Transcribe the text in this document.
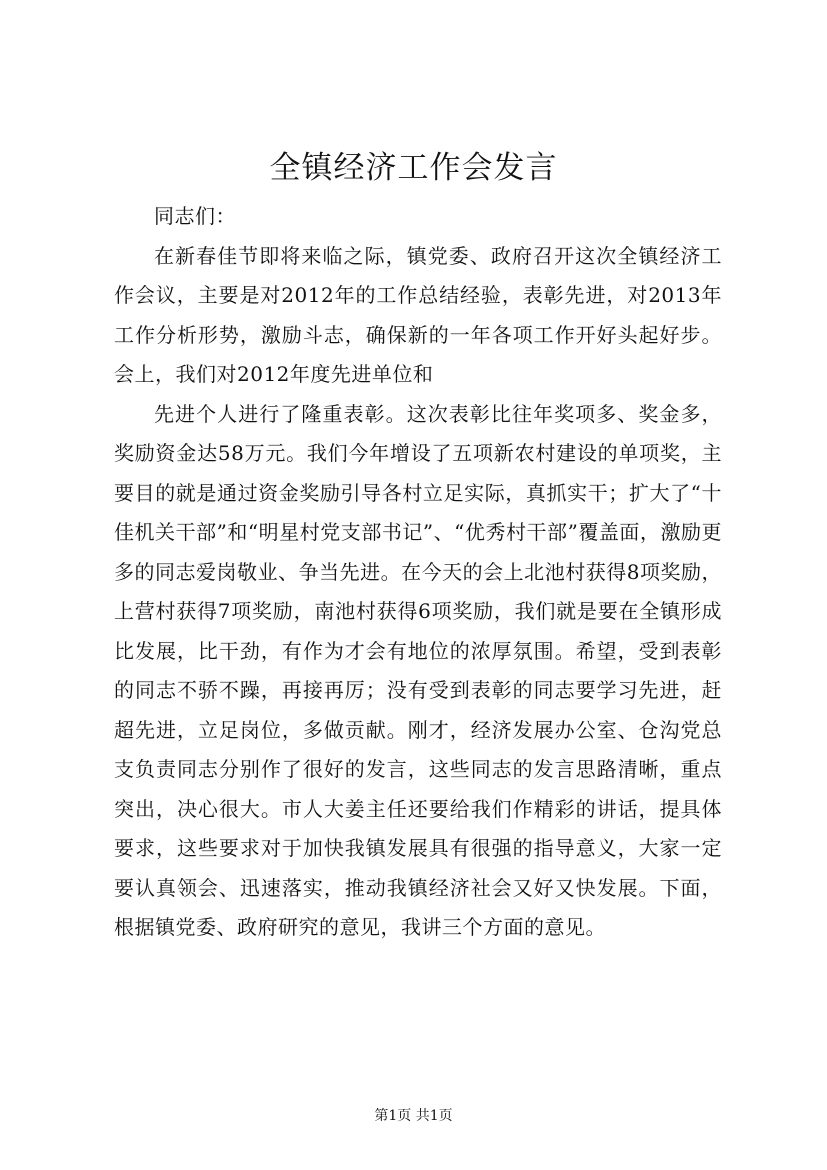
全镇经济工作会发言

同志们：

在新春佳节即将来临之际，镇党委、政府召开这次全镇经济工作会议，主要是对2012年的工作总结经验，表彰先进，对2013年工作分析形势，激励斗志，确保新的一年各项工作开好头起好步。会上，我们对2012年度先进单位和

先进个人进行了隆重表彰。这次表彰比往年奖项多、奖金多，奖励资金达58万元。我们今年增设了五项新农村建设的单项奖，主要目的就是通过资金奖励引导各村立足实际，真抓实干；扩大了“十佳机关干部”和“明星村党支部书记”、“优秀村干部”覆盖面，激励更多的同志爱岗敬业、争当先进。在今天的会上北池村获得8项奖励，上营村获得7项奖励，南池村获得6项奖励，我们就是要在全镇形成比发展，比干劲，有作为才会有地位的浓厚氛围。希望，受到表彰的同志不骄不躁，再接再厉；没有受到表彰的同志要学习先进，赶超先进，立足岗位，多做贡献。刚才，经济发展办公室、仓沟党总支负责同志分别作了很好的发言，这些同志的发言思路清晰，重点突出，决心很大。市人大姜主任还要给我们作精彩的讲话，提具体要求，这些要求对于加快我镇发展具有很强的指导意义，大家一定要认真领会、迅速落实，推动我镇经济社会又好又快发展。下面，根据镇党委、政府研究的意见，我讲三个方面的意见。

第1页 共1页
